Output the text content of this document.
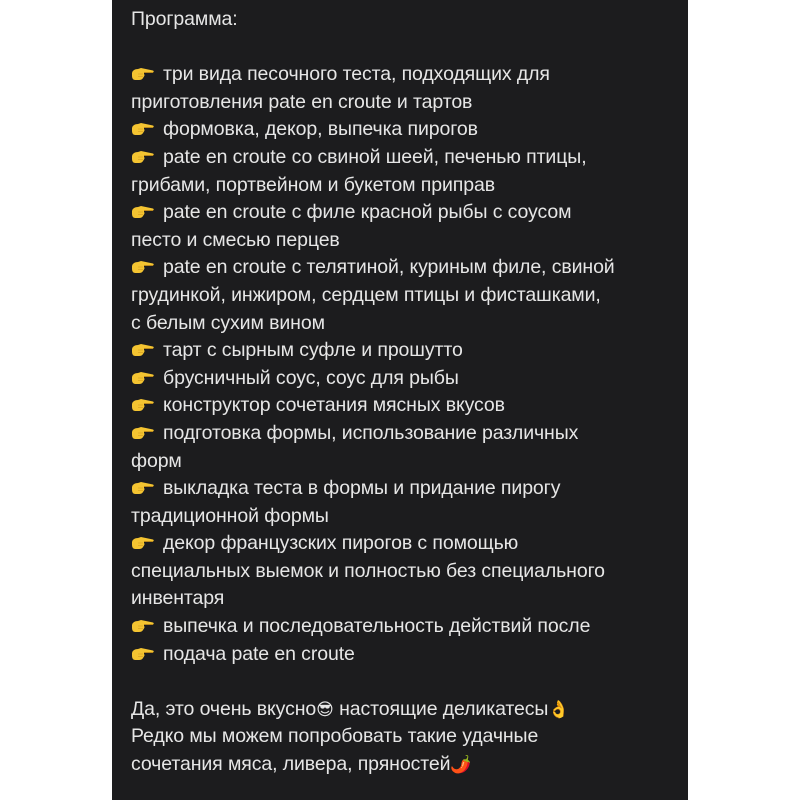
Программа:
три вида песочного теста, подходящих для
приготовления pate en croute и тартов
формовка, декор, выпечка пирогов
pate en croute со свиной шеей, печенью птицы,
грибами, портвейном и букетом приправ
pate en croute с филе красной рыбы с соусом
песто и смесью перцев
pate en croute с телятиной, куриным филе, свиной
грудинкой, инжиром, сердцем птицы и фисташками,
с белым сухим вином
тарт с сырным суфле и прошутто
брусничный соус, соус для рыбы
конструктор сочетания мясных вкусов
подготовка формы, использование различных
форм
выкладка теста в формы и придание пирогу
традиционной формы
декор французских пирогов с помощью
специальных выемок и полностью без специального
инвентаря
выпечка и последовательность действий после
подача pate en croute
Да, это очень вкусно😎 настоящие деликатесы👌
Редко мы можем попробовать такие удачные
сочетания мяса, ливера, пряностей🌶️
